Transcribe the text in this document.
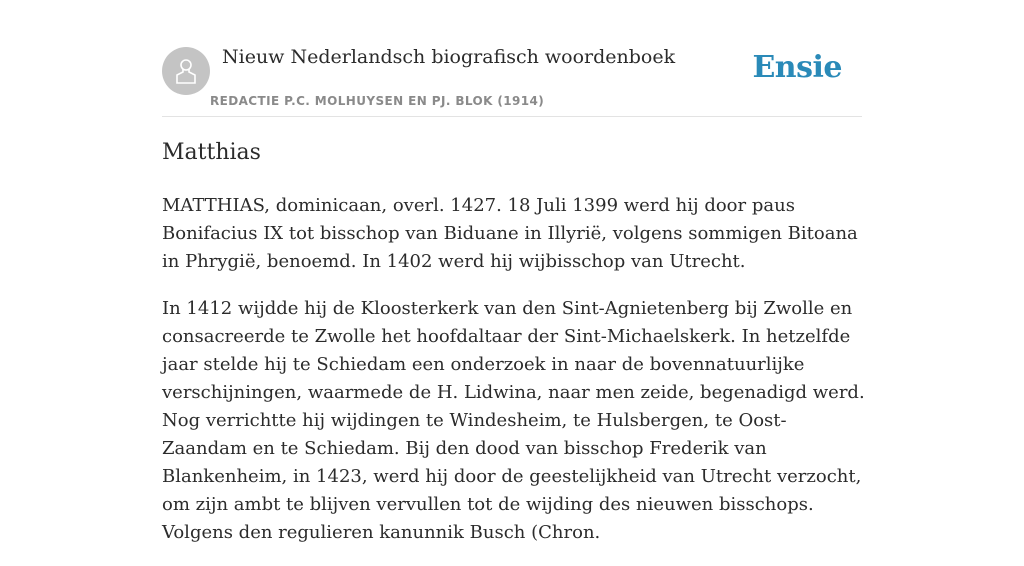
Nieuw Nederlandsch biografisch woordenboek
REDACTIE P.C. MOLHUYSEN EN PJ. BLOK (1914)
Ensie
Matthias

MATTHIAS, dominicaan, overl. 1427. 18 Juli 1399 werd hij door paus Bonifacius IX tot bisschop van Biduane in Illyrië, volgens sommigen Bitoana in Phrygië, benoemd. In 1402 werd hij wijbisschop van Utrecht.

In 1412 wijdde hij de Kloosterkerk van den Sint-Agnietenberg bij Zwolle en consacreerde te Zwolle het hoofdaltaar der Sint-Michaelskerk. In hetzelfde jaar stelde hij te Schiedam een onderzoek in naar de bovennatuurlijke verschijningen, waarmede de H. Lidwina, naar men zeide, begenadigd werd. Nog verrichtte hij wijdingen te Windesheim, te Hulsbergen, te Oost-Zaandam en te Schiedam. Bij den dood van bisschop Frederik van Blankenheim, in 1423, werd hij door de geestelijkheid van Utrecht verzocht, om zijn ambt te blijven vervullen tot de wijding des nieuwen bisschops. Volgens den regulieren kanunnik Busch (Chron.
